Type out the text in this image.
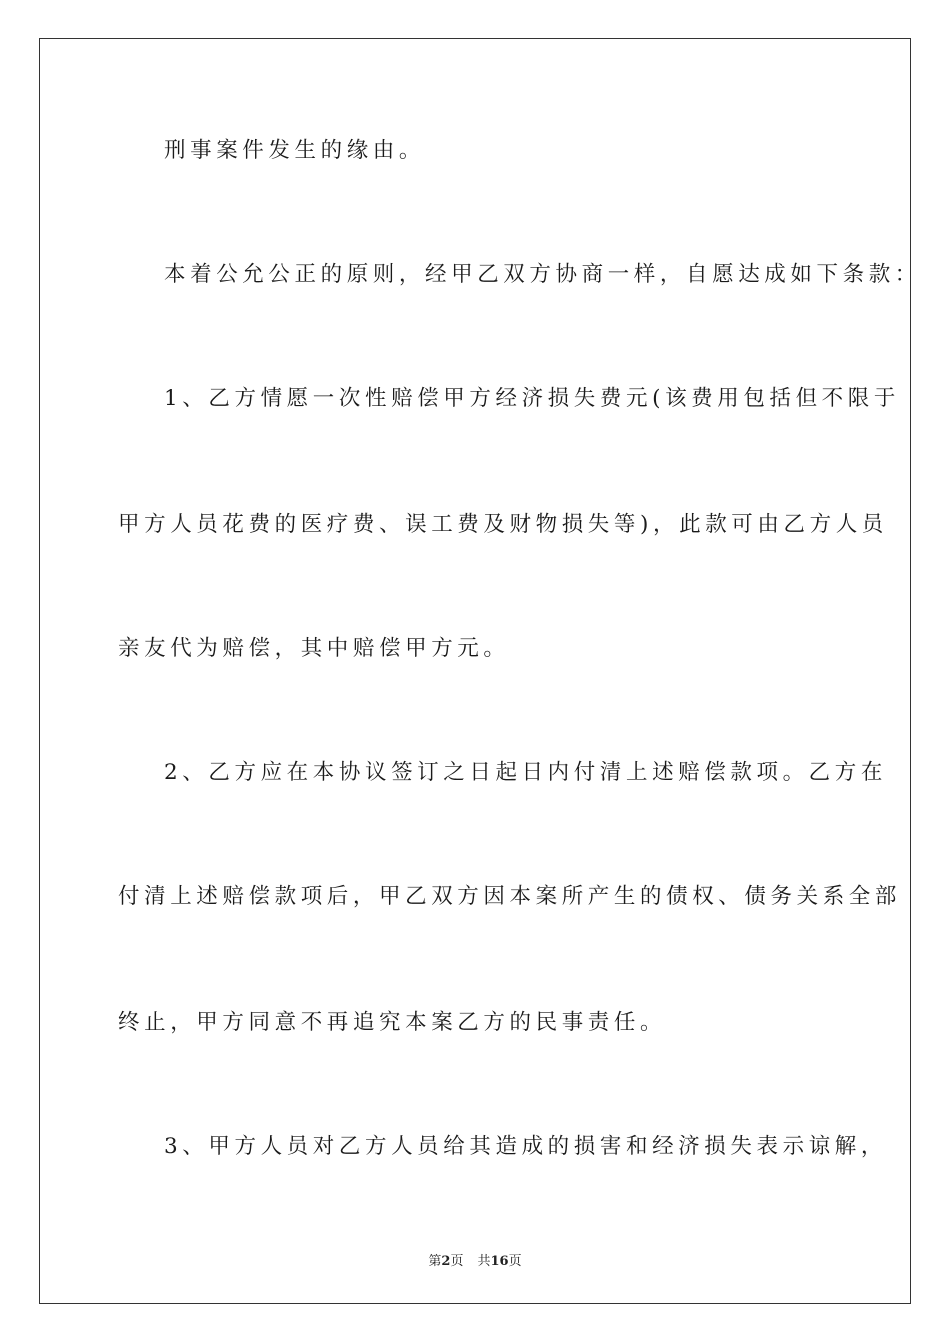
刑事案件发生的缘由。
本着公允公正的原则，经甲乙双方协商一样，自愿达成如下条款：
1、乙方情愿一次性赔偿甲方经济损失费元(该费用包括但不限于
甲方人员花费的医疗费、误工费及财物损失等)，此款可由乙方人员
亲友代为赔偿，其中赔偿甲方元。
2、乙方应在本协议签订之日起日内付清上述赔偿款项。乙方在
付清上述赔偿款项后，甲乙双方因本案所产生的债权、债务关系全部
终止，甲方同意不再追究本案乙方的民事责任。
3、甲方人员对乙方人员给其造成的损害和经济损失表示谅解，
第2页 共16页
